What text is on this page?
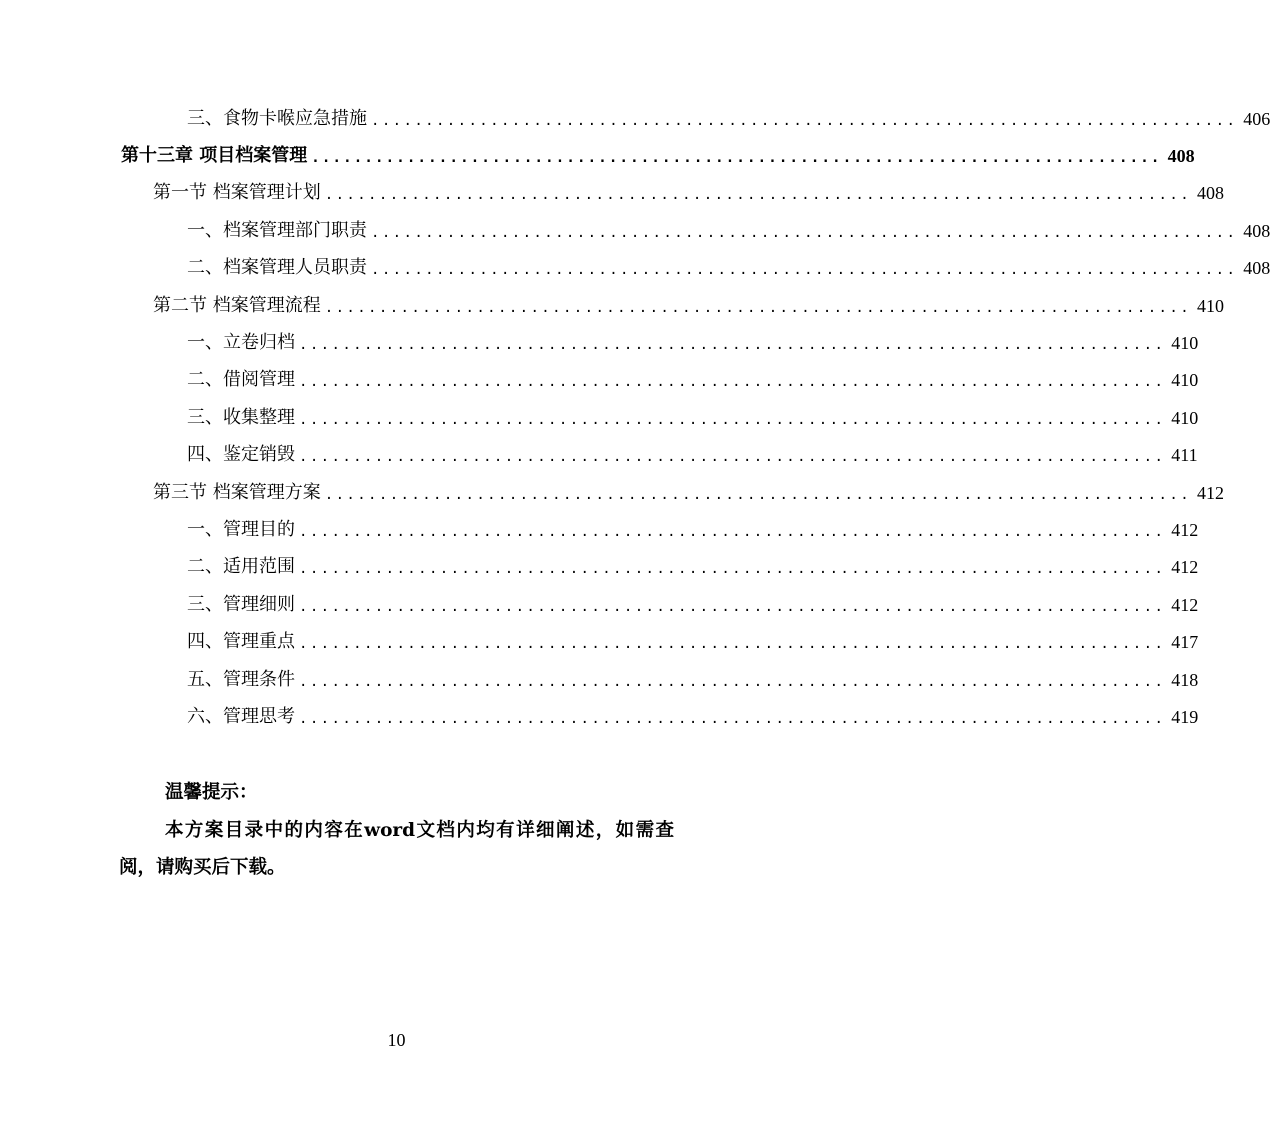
三、食物卡喉应急措施 ................................................................................ 406
第十三章 项目档案管理 ................................................................................ 408
第一节 档案管理计划 ................................................................................ 408
一、档案管理部门职责 ................................................................................ 408
二、档案管理人员职责 ................................................................................ 408
第二节 档案管理流程 ................................................................................ 410
一、立卷归档 ................................................................................ 410
二、借阅管理 ................................................................................ 410
三、收集整理 ................................................................................ 410
四、鉴定销毁 ................................................................................ 411
第三节 档案管理方案 ................................................................................ 412
一、管理目的 ................................................................................ 412
二、适用范围 ................................................................................ 412
三、管理细则 ................................................................................ 412
四、管理重点 ................................................................................ 417
五、管理条件 ................................................................................ 418
六、管理思考 ................................................................................ 419
温馨提示：
本方案目录中的内容在word文档内均有详细阐述，如需查阅，请购买后下载。
10
